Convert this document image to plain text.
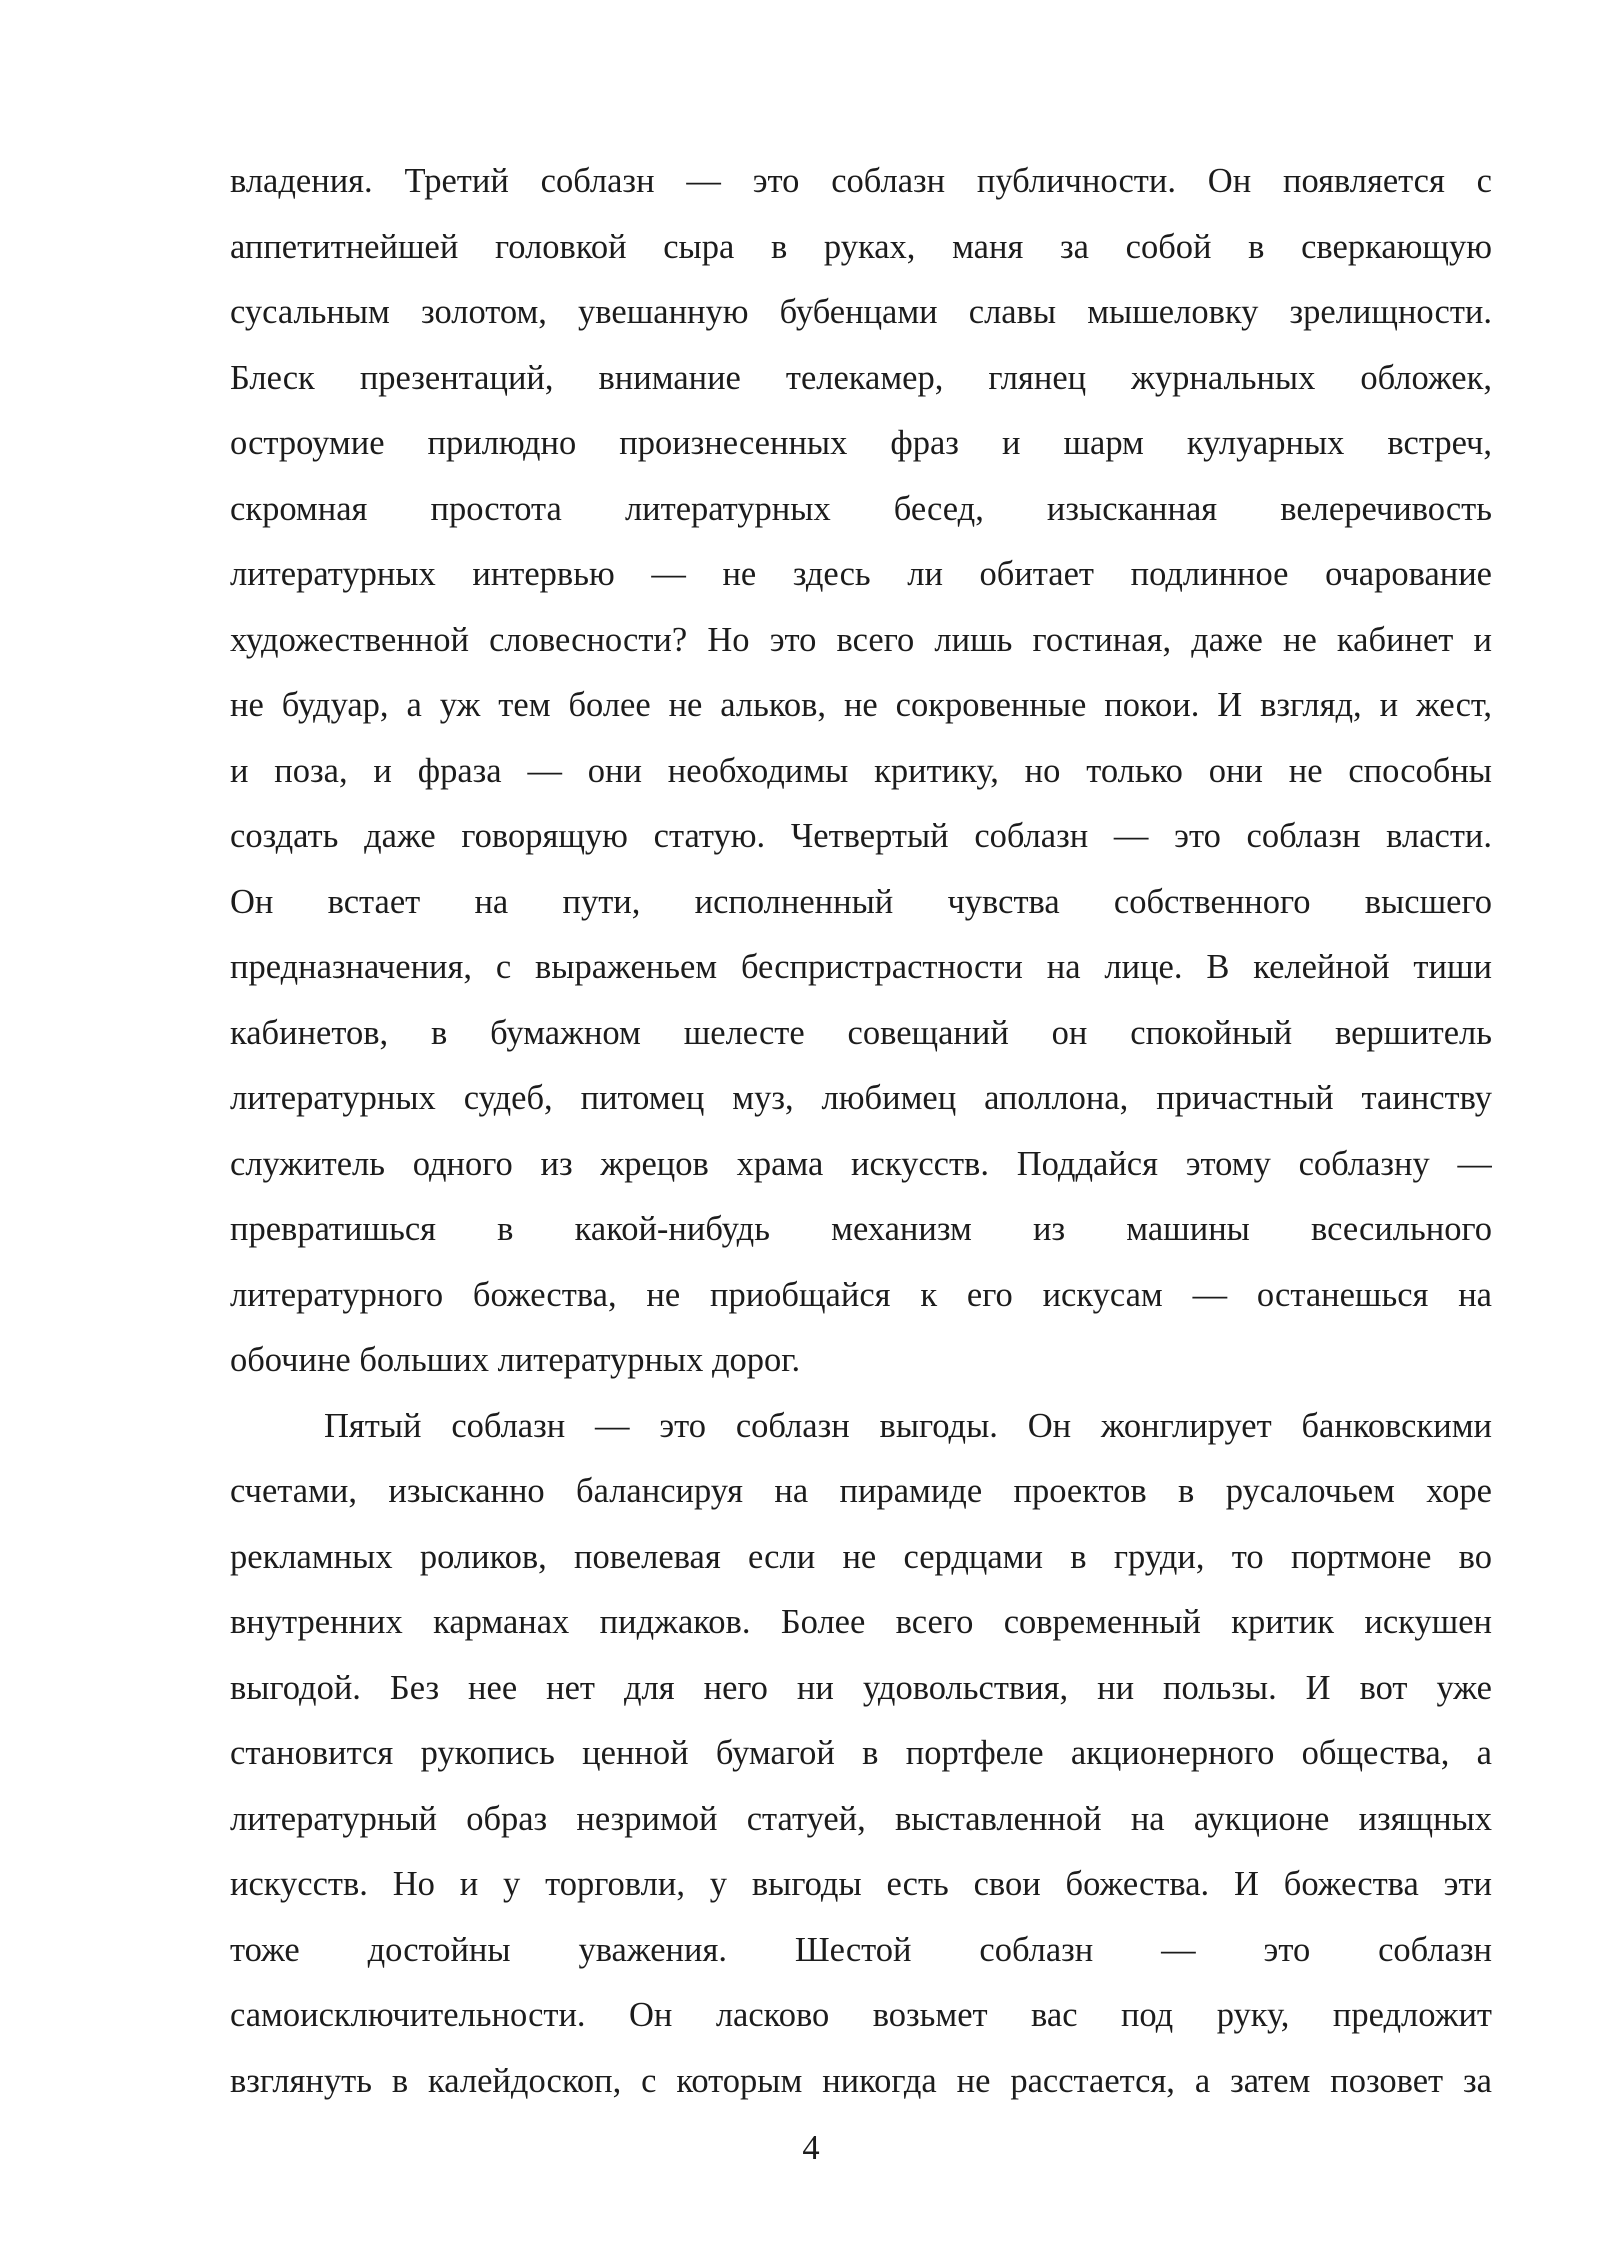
владения. Третий соблазн — это соблазн публичности. Он появляется с
аппетитнейшей головкой сыра в руках, маня за собой в сверкающую
сусальным золотом, увешанную бубенцами славы мышеловку зрелищности.
Блеск презентаций, внимание телекамер, глянец журнальных обложек,
остроумие прилюдно произнесенных фраз и шарм кулуарных встреч,
скромная простота литературных бесед, изысканная велеречивость
литературных интервью — не здесь ли обитает подлинное очарование
художественной словесности? Но это всего лишь гостиная, даже не кабинет и
не будуар, а уж тем более не альков, не сокровенные покои. И взгляд, и жест,
и поза, и фраза — они необходимы критику, но только они не способны
создать даже говорящую статую. Четвертый соблазн — это соблазн власти.
Он встает на пути, исполненный чувства собственного высшего
предназначения, с выраженьем беспристрастности на лице. В келейной тиши
кабинетов, в бумажном шелесте совещаний он спокойный вершитель
литературных судеб, питомец муз, любимец аполлона, причастный таинству
служитель одного из жрецов храма искусств. Поддайся этому соблазну —
превратишься в какой-нибудь механизм из машины всесильного
литературного божества, не приобщайся к его искусам — останешься на
обочине больших литературных дорог.
Пятый соблазн — это соблазн выгоды. Он жонглирует банковскими
счетами, изысканно балансируя на пирамиде проектов в русалочьем хоре
рекламных роликов, повелевая если не сердцами в груди, то портмоне во
внутренних карманах пиджаков. Более всего современный критик искушен
выгодой. Без нее нет для него ни удовольствия, ни пользы. И вот уже
становится рукопись ценной бумагой в портфеле акционерного общества, а
литературный образ незримой статуей, выставленной на аукционе изящных
искусств. Но и у торговли, у выгоды есть свои божества. И божества эти
тоже достойны уважения. Шестой соблазн — это соблазн
самоисключительности. Он ласково возьмет вас под руку, предложит
взглянуть в калейдоскоп, с которым никогда не расстается, а затем позовет за
4
